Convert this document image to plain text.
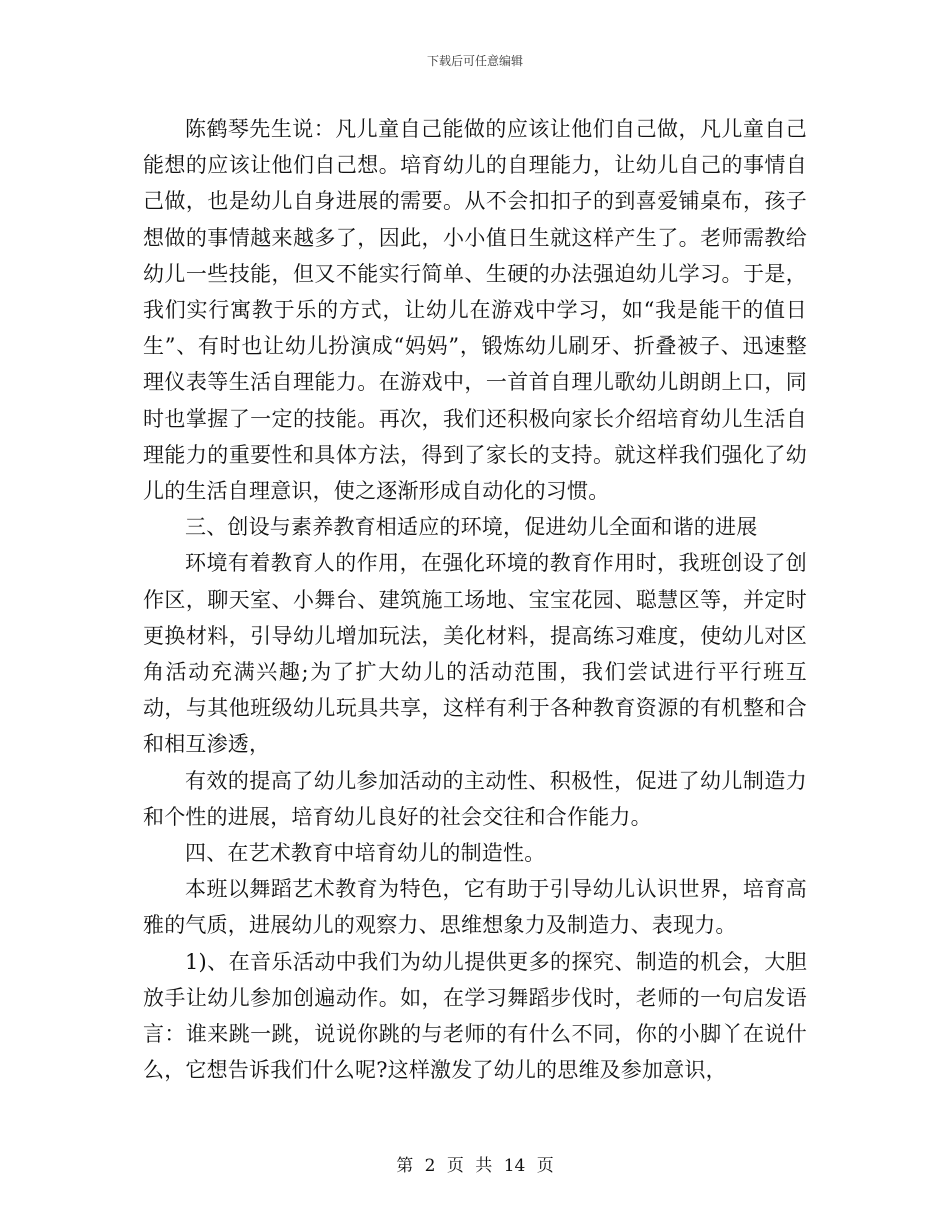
下载后可任意编辑

陈鹤琴先生说：凡儿童自己能做的应该让他们自己做，凡儿童自己能想的应该让他们自己想。培育幼儿的自理能力，让幼儿自己的事情自己做，也是幼儿自身进展的需要。从不会扣扣子的到喜爱铺桌布，孩子想做的事情越来越多了，因此，小小值日生就这样产生了。老师需教给幼儿一些技能，但又不能实行简单、生硬的办法强迫幼儿学习。于是，我们实行寓教于乐的方式，让幼儿在游戏中学习，如“我是能干的值日生”、有时也让幼儿扮演成“妈妈”，锻炼幼儿刷牙、折叠被子、迅速整理仪表等生活自理能力。在游戏中，一首首自理儿歌幼儿朗朗上口，同时也掌握了一定的技能。再次，我们还积极向家长介绍培育幼儿生活自理能力的重要性和具体方法，得到了家长的支持。就这样我们强化了幼儿的生活自理意识，使之逐渐形成自动化的习惯。

三、创设与素养教育相适应的环境，促进幼儿全面和谐的进展

环境有着教育人的作用，在强化环境的教育作用时，我班创设了创作区，聊天室、小舞台、建筑施工场地、宝宝花园、聪慧区等，并定时更换材料，引导幼儿增加玩法，美化材料，提高练习难度，使幼儿对区角活动充满兴趣;为了扩大幼儿的活动范围，我们尝试进行平行班互动，与其他班级幼儿玩具共享，这样有利于各种教育资源的有机整和合和相互渗透，

有效的提高了幼儿参加活动的主动性、积极性，促进了幼儿制造力和个性的进展，培育幼儿良好的社会交往和合作能力。

四、在艺术教育中培育幼儿的制造性。

本班以舞蹈艺术教育为特色，它有助于引导幼儿认识世界，培育高雅的气质，进展幼儿的观察力、思维想象力及制造力、表现力。

1)、在音乐活动中我们为幼儿提供更多的探究、制造的机会，大胆放手让幼儿参加创遍动作。如，在学习舞蹈步伐时，老师的一句启发语言：谁来跳一跳，说说你跳的与老师的有什么不同，你的小脚丫在说什么，它想告诉我们什么呢?这样激发了幼儿的思维及参加意识，

第 2 页 共 14 页
